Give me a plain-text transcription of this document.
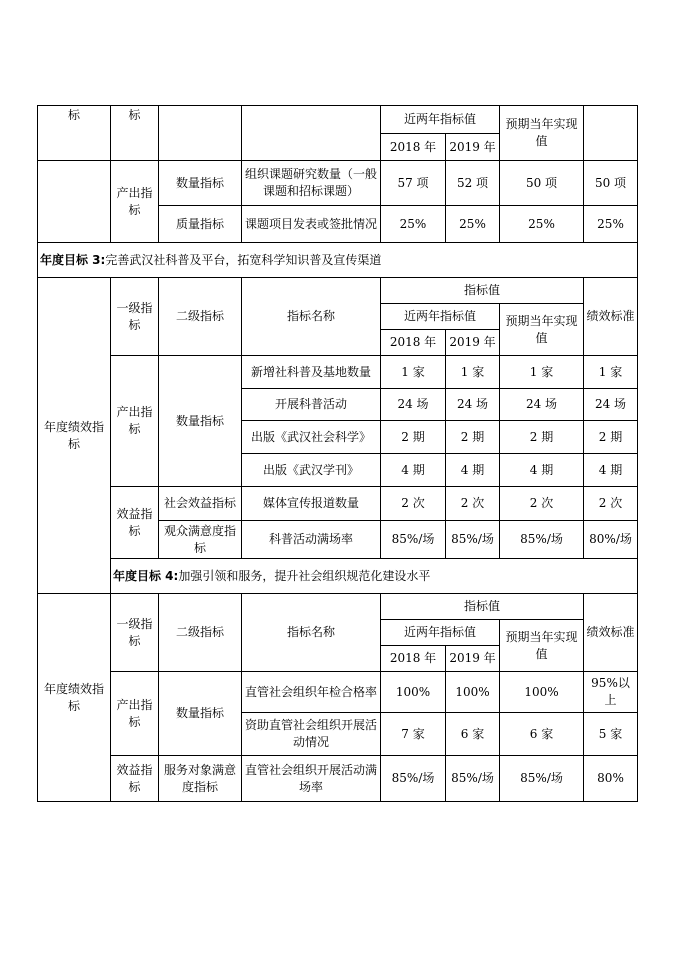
标	标			近两年指标值		预期当年实现值	
				2018 年	2019 年		
	产出指标	数量指标	组织课题研究数量（一般课题和招标课题）	57 项	52 项	50 项	50 项
		质量指标	课题项目发表或签批情况	25%	25%	25%	25%
年度目标 3:完善武汉社科普及平台，拓宽科学知识普及宣传渠道							
年度绩效指标	一级指标	二级指标	指标名称	指标值			绩效标准
				近两年指标值		预期当年实现值	
				2018 年	2019 年		
	产出指标	数量指标	新增社科普及基地数量	1 家	1 家	1 家	1 家
			开展科普活动	24 场	24 场	24 场	24 场
			出版《武汉社会科学》	2 期	2 期	2 期	2 期
			出版《武汉学刊》	4 期	4 期	4 期	4 期
	效益指标	社会效益指标	媒体宣传报道数量	2 次	2 次	2 次	2 次
		观众满意度指标	科普活动满场率	85%/场	85%/场	85%/场	80%/场
	年度目标 4:加强引领和服务，提升社会组织规范化建设水平						
年度绩效指标	一级指标	二级指标	指标名称	指标值			绩效标准
				近两年指标值		预期当年实现值	
				2018 年	2019 年		
	产出指标	数量指标	直管社会组织年检合格率	100%	100%	100%	95%以上
			资助直管社会组织开展活动情况	7 家	6 家	6 家	5 家
	效益指标	服务对象满意度指标	直管社会组织开展活动满场率	85%/场	85%/场	85%/场	80%
